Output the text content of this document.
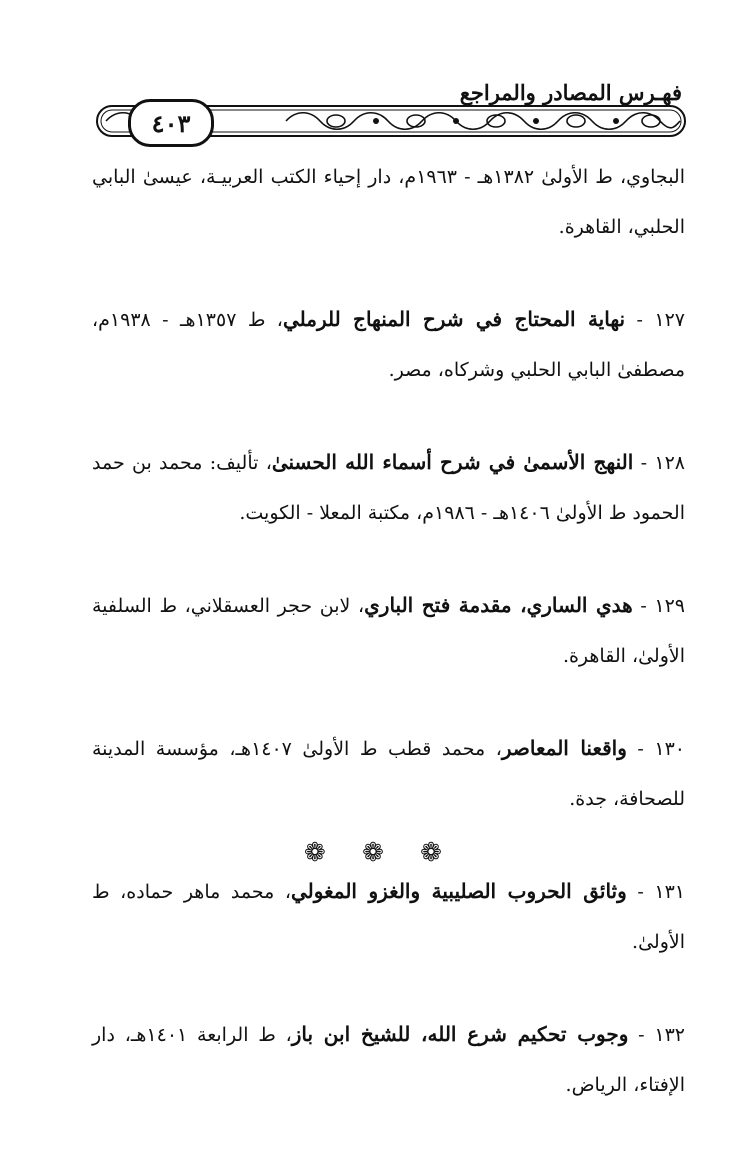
فهـرس المصادر والمراجع
٤٠٣

البجاوي، ط الأولىٰ ١٣٨٢هـ - ١٩٦٣م، دار إحياء الكتب العربيـة، عيسىٰ البابي الحلبي، القاهرة.

١٢٧ - نهاية المحتاج في شرح المنهاج للرملي، ط ١٣٥٧هـ - ١٩٣٨م، مصطفىٰ البابي الحلبي وشركاه، مصر.

١٢٨ - النهج الأسمىٰ في شرح أسماء الله الحسنىٰ، تأليف: محمد بن حمد الحمود ط الأولىٰ ١٤٠٦هـ - ١٩٨٦م، مكتبة المعلا - الكويت.

١٢٩ - هدي الساري، مقدمة فتح الباري، لابن حجر العسقلاني، ط السلفية الأولىٰ، القاهرة.

١٣٠ - واقعنا المعاصر، محمد قطب ط الأولىٰ ١٤٠٧هـ، مؤسسة المدينة للصحافة، جدة.

١٣١ - وثائق الحروب الصليبية والغزو المغولي، محمد ماهر حماده، ط الأولىٰ.

١٣٢ - وجوب تحكيم شرع الله، للشيخ ابن باز، ط الرابعة ١٤٠١هـ، دار الإفتاء، الرياض.

❁ ❁ ❁
